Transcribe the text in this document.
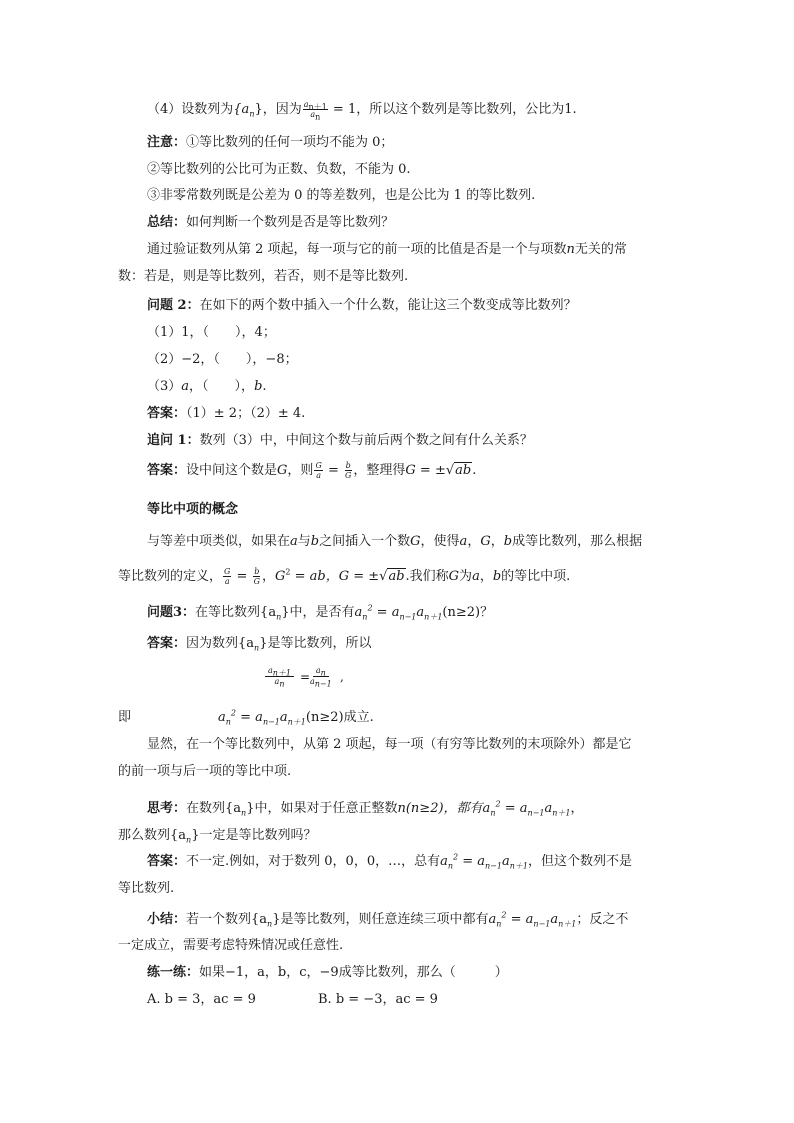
（4）设数列为$\{a_n\}$，因为 $\frac{a_{n+1}}{a_n} = 1$，所以这个数列是等比数列，公比为1.
注意：①等比数列的任何一项均不能为 0；
②等比数列的公比可为正数、负数，不能为 0.
③非零常数列既是公差为 0 的等差数列，也是公比为 1 的等比数列.
总结：如何判断一个数列是否是等比数列？
通过验证数列从第 2 项起，每一项与它的前一项的比值是否是一个与项数n无关的常
数：若是，则是等比数列，若否，则不是等比数列.
问题 2：在如下的两个数中插入一个什么数，能让这三个数变成等比数列？
（1）1，（　　），4；
（2）−2，（　　），−8；
（3）a，（　　），b.
答案：（1）± 2；（2）± 4.
追问 1：数列（3）中，中间这个数与前后两个数之间有什么关系？
答案：设中间这个数是G，则 $\frac{G}{a} = \frac{b}{G}$ ，整理得G = ±√ab.
等比中项的概念
与等差中项类似，如果在a与b之间插入一个数G，使得a，G，b成等比数列，那么根据
等比数列的定义， $\frac{G}{a} = \frac{b}{G}$ ，$G^2$ = ab，G = ±√ab.我们称G为a，b的等比中项.
问题3：在等比数列$\{a_n\}$中，是否有$a_n^2 = a_{n-1}a_{n+1}(n\ge 2)$？
答案：因为数列$\{a_n\}$是等比数列，所以
$\frac{a_{n+1}}{a_n} = \frac{a_n}{a_{n-1}}$ ,
即	$a_n^2 = a_{n-1}a_{n+1}(n\ge 2)$成立.
显然，在一个等比数列中，从第 2 项起，每一项（有穷等比数列的末项除外）都是它
的前一项与后一项的等比中项.
思考：在数列$\{a_n\}$中，如果对于任意正整数n(n≥2)，都有$a_n^2 = a_{n-1}a_{n+1}$，
那么数列$\{a_n\}$一定是等比数列吗？
答案：不一定.例如，对于数列 0，0，0，…，总有$a_n^2 = a_{n-1}a_{n+1}$，但这个数列不是
等比数列.
小结：若一个数列$\{a_n\}$是等比数列，则任意连续三项中都有$a_n^2 = a_{n-1}a_{n+1}$；反之不
一定成立，需要考虑特殊情况或任意性.
练一练：如果−1，a，b，c，−9成等比数列，那么（　　　）
A. b = 3，ac = 9	B. b = −3，ac = 9
